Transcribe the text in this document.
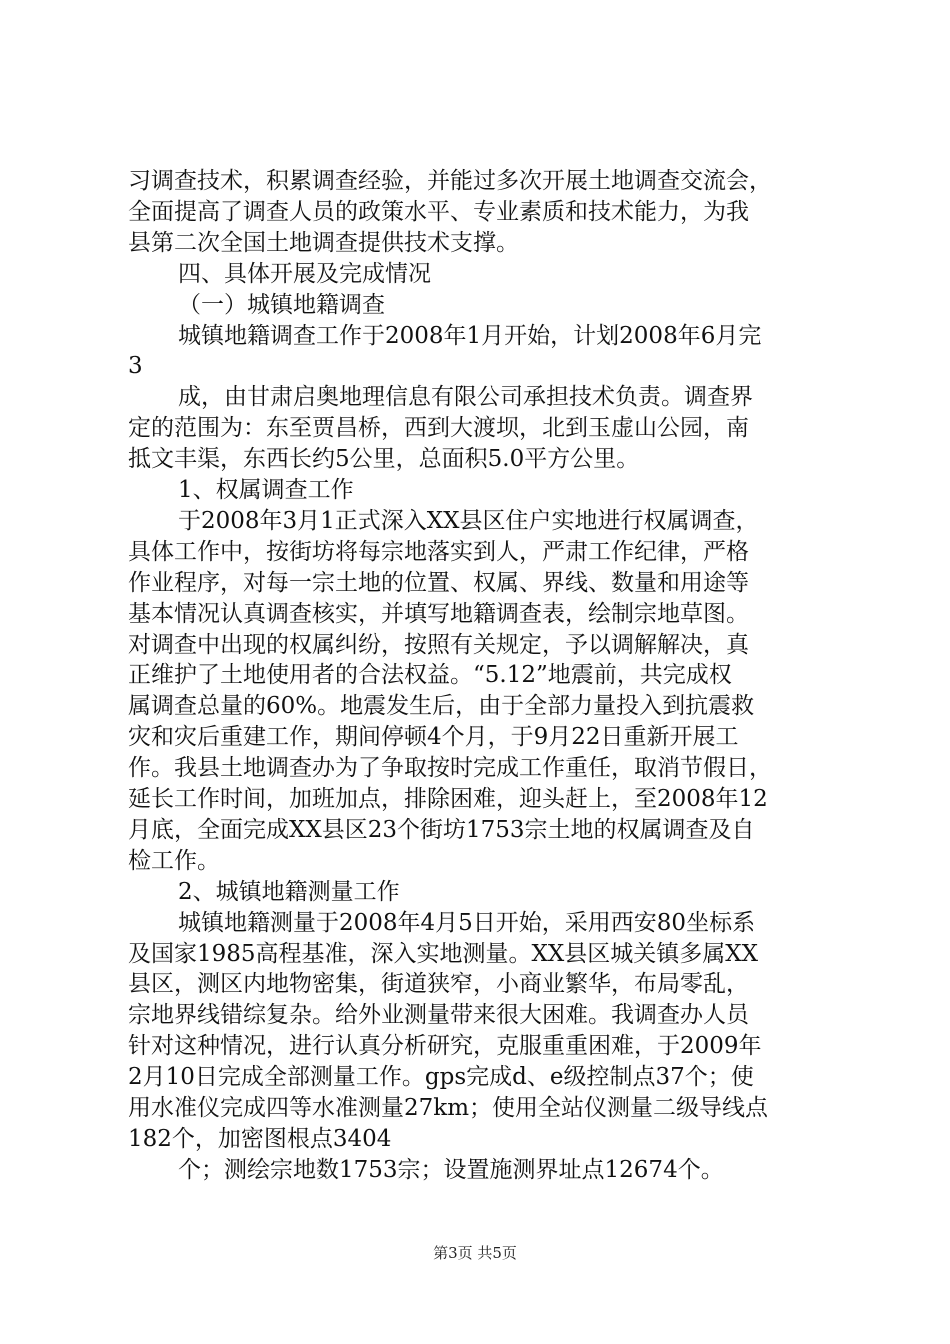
习调查技术，积累调查经验，并能过多次开展土地调查交流会，
全面提高了调查人员的政策水平、专业素质和技术能力，为我
县第二次全国土地调查提供技术支撑。
四、具体开展及完成情况
（一）城镇地籍调查
城镇地籍调查工作于2008年1月开始，计划2008年6月完
3
成，由甘肃启奥地理信息有限公司承担技术负责。调查界
定的范围为：东至贾昌桥，西到大渡坝，北到玉虚山公园，南
抵文丰渠，东西长约5公里，总面积5.0平方公里。
1、权属调查工作
于2008年3月1正式深入XX县区住户实地进行权属调查，
具体工作中，按街坊将每宗地落实到人，严肃工作纪律，严格
作业程序，对每一宗土地的位置、权属、界线、数量和用途等
基本情况认真调查核实，并填写地籍调查表，绘制宗地草图。
对调查中出现的权属纠纷，按照有关规定，予以调解解决，真
正维护了土地使用者的合法权益。“5.12”地震前，共完成权
属调查总量的60%。地震发生后，由于全部力量投入到抗震救
灾和灾后重建工作，期间停顿4个月，于9月22日重新开展工
作。我县土地调查办为了争取按时完成工作重任，取消节假日，
延长工作时间，加班加点，排除困难，迎头赶上，至2008年12
月底，全面完成XX县区23个街坊1753宗土地的权属调查及自
检工作。
2、城镇地籍测量工作
城镇地籍测量于2008年4月5日开始，采用西安80坐标系
及国家1985高程基准，深入实地测量。XX县区城关镇多属XX
县区，测区内地物密集，街道狭窄，小商业繁华，布局零乱，
宗地界线错综复杂。给外业测量带来很大困难。我调查办人员
针对这种情况，进行认真分析研究，克服重重困难，于2009年
2月10日完成全部测量工作。gps完成d、e级控制点37个；使
用水准仪完成四等水准测量27km；使用全站仪测量二级导线点
182个，加密图根点3404
个；测绘宗地数1753宗；设置施测界址点12674个。
第3页 共5页
